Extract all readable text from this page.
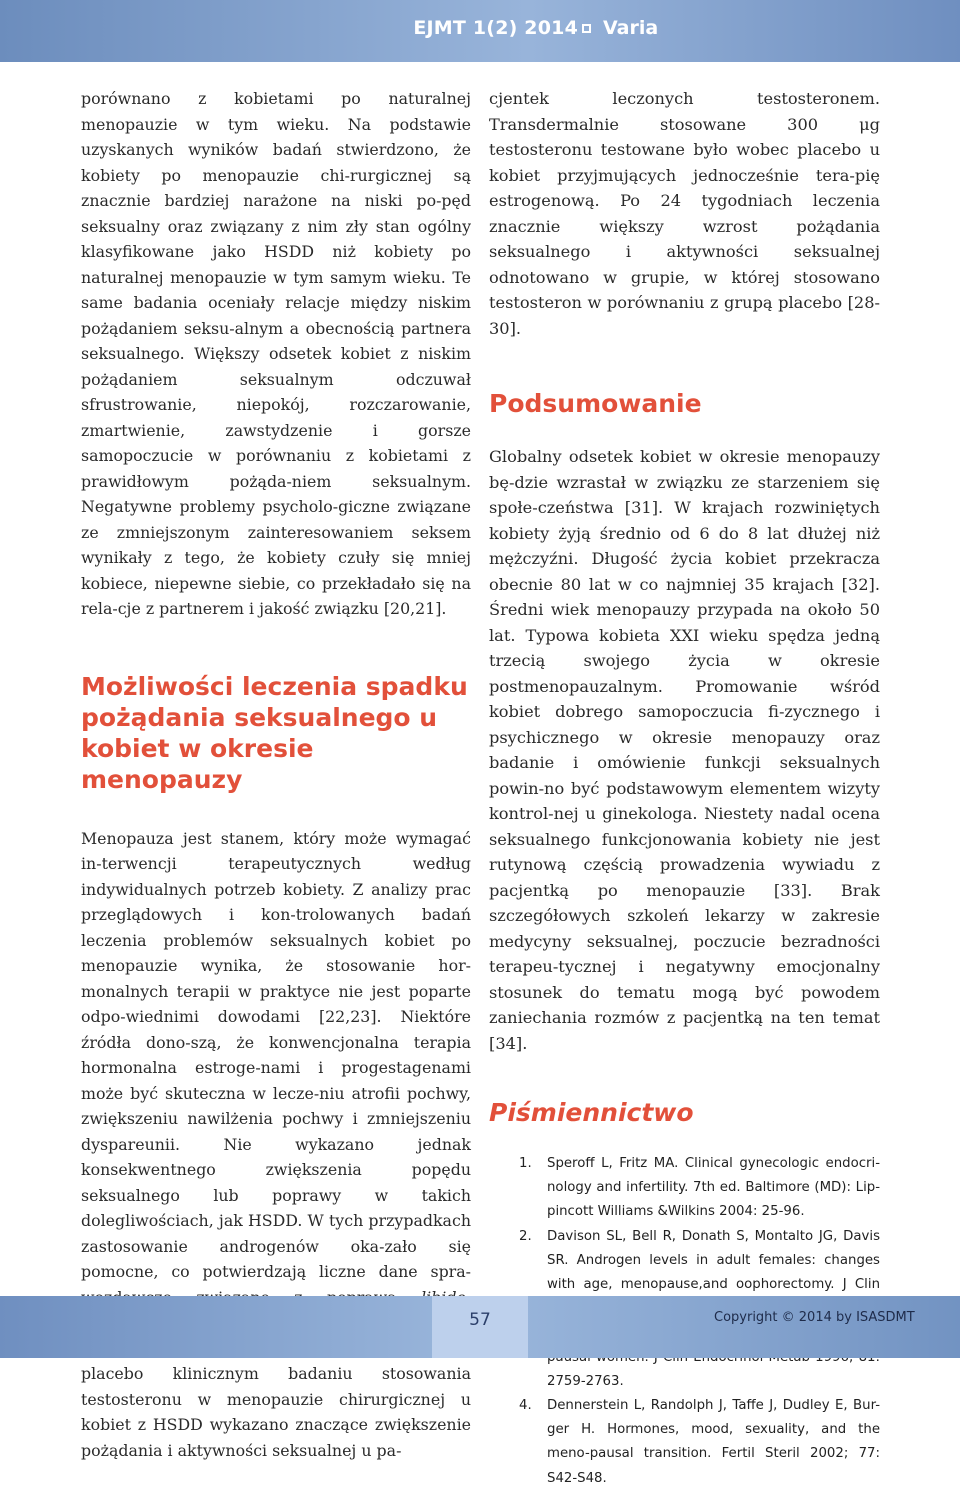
EJMT 1(2) 2014 Varia

porównano z kobietami po naturalnej menopauzie w tym wieku. Na podstawie uzyskanych wyników badań stwierdzono, że kobiety po menopauzie chi-rurgicznej są znacznie bardziej narażone na niski po-pęd seksualny oraz związany z nim zły stan ogólny klasyfikowane jako HSDD niż kobiety po naturalnej menopauzie w tym samym wieku. Te same badania oceniały relacje między niskim pożądaniem seksu-alnym a obecnością partnera seksualnego. Większy odsetek kobiet z niskim pożądaniem seksualnym odczuwał sfrustrowanie, niepokój, rozczarowanie, zmartwienie, zawstydzenie i gorsze samopoczucie w porównaniu z kobietami z prawidłowym pożąda-niem seksualnym. Negatywne problemy psycholo-giczne związane ze zmniejszonym zainteresowaniem seksem wynikały z tego, że kobiety czuły się mniej kobiece, niepewne siebie, co przekładało się na rela-cje z partnerem i jakość związku [20,21].

Możliwości leczenia spadku pożądania seksualnego u kobiet w okresie menopauzy

Menopauza jest stanem, który może wymagać in-terwencji terapeutycznych według indywidualnych potrzeb kobiety. Z analizy prac przeglądowych i kon-trolowanych badań leczenia problemów seksualnych kobiet po menopauzie wynika, że stosowanie hor-monalnych terapii w praktyce nie jest poparte odpo-wiednimi dowodami [22,23]. Niektóre źródła dono-szą, że konwencjonalna terapia hormonalna estroge-nami i progestagenami może być skuteczna w lecze-niu atrofii pochwy, zwiększeniu nawilżenia pochwy i zmniejszeniu dyspareunii. Nie wykazano jednak konsekwentnego zwiększenia popędu seksualnego lub poprawy w takich dolegliwościach, jak HSDD. W tych przypadkach zastosowanie androgenów oka-zało się pomocne, co potwierdzają liczne dane spra- placebo klinicznym badaniu stosowania testosteronu w menopauzie chirurgicznej u kobiet z HSDD wykazano znaczące zwiększenie pożądania i aktywności seksualnej u pa-

cjentek leczonych testosteronem. Transdermalnie stosowane 300 μg testosteronu testowane było wobec placebo u kobiet przyjmujących jednocześnie tera-pię estrogenową. Po 24 tygodniach leczenia znacznie większy wzrost pożądania seksualnego i aktywności seksualnej odnotowano w grupie, w której stosowano testosteron w porównaniu z grupą placebo [28-30].

Podsumowanie

Globalny odsetek kobiet w okresie menopauzy bę-dzie wzrastał w związku ze starzeniem się społe-czeństwa [31]. W krajach rozwiniętych kobiety żyją średnio od 6 do 8 lat dłużej niż mężczyźni. Długość życia kobiet przekracza obecnie 80 lat w co najmniej 35 krajach [32]. Średni wiek menopauzy przypada na około 50 lat. Typowa kobieta XXI wieku spędza jedną trzecią swojego życia w okresie postmenopauzalnym. Promowanie wśród kobiet dobrego samopoczucia fi-zycznego i psychicznego w okresie menopauzy oraz badanie i omówienie funkcji seksualnych powin-no być podstawowym elementem wizyty kontrol-nej u ginekologa. Niestety nadal ocena seksualnego funkcjonowania kobiety nie jest rutynową częścią prowadzenia wywiadu z pacjentką po menopauzie [33]. Brak szczegółowych szkoleń lekarzy w zakresie medycyny seksualnej, poczucie bezradności terapeu-tycznej i negatywny emocjonalny stosunek do tematu mogą być powodem zaniechania rozmów z pacjentką na ten temat [34].

Piśmiennictwo
1. Speroff L, Fritz MA. Clinical gynecologic endocri-nology and infertility. 7th ed. Baltimore (MD): Lip-pincott Williams &Wilkins 2004: 25-96.
2. Davison SL, Bell R, Donath S, Montalto JG, Davis SR. Androgen levels in adult females: changes with age, menopause,and oophorectomy. J Clin
2759-2763.
4. Dennerstein L, Randolph J, Taffe J, Dudley E, Bur-ger H. Hormones, mood, sexuality, and the meno-pausal transition. Fertil Steril 2002; 77: S42-S48.
57	Copyright © 2014 by ISASDMT
